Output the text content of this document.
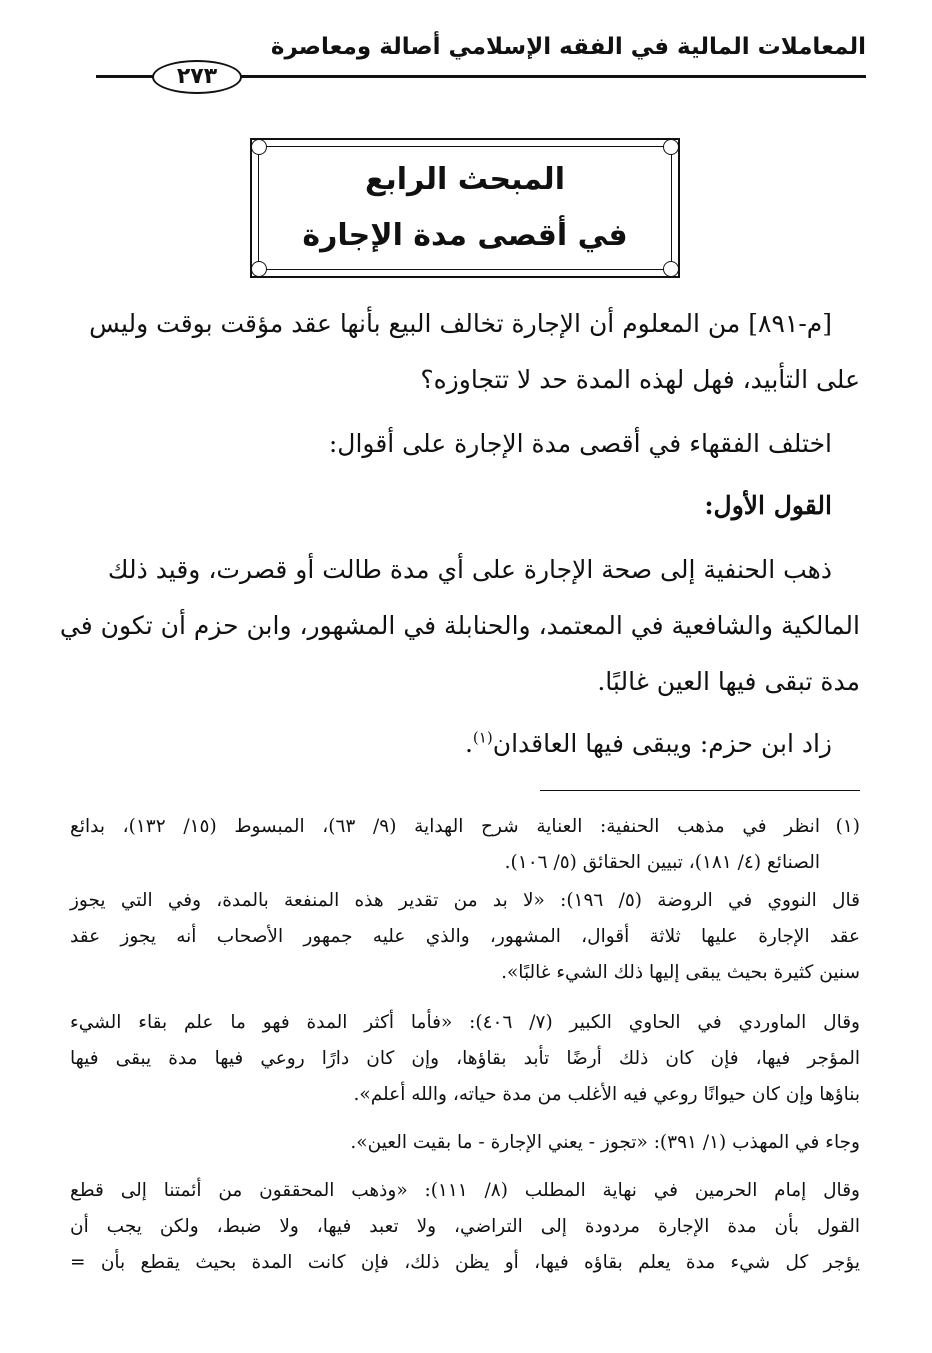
المعاملات المالية في الفقه الإسلامي أصالة ومعاصرة
٢٧٣
المبحث الرابع
في أقصى مدة الإجارة
[م-٨٩١] من المعلوم أن الإجارة تخالف البيع بأنها عقد مؤقت بوقت وليس
على التأبيد، فهل لهذه المدة حد لا تتجاوزه؟
اختلف الفقهاء في أقصى مدة الإجارة على أقوال:
القول الأول:
ذهب الحنفية إلى صحة الإجارة على أي مدة طالت أو قصرت، وقيد ذلك
المالكية والشافعية في المعتمد، والحنابلة في المشهور، وابن حزم أن تكون في
مدة تبقى فيها العين غالبًا.
زاد ابن حزم: ويبقى فيها العاقدان$^{(١)}$.
(١)
انظر في مذهب الحنفية: العناية شرح الهداية (٩/ ٦٣)، المبسوط (١٥/ ١٣٢)، بدائع
الصنائع (٤/ ١٨١)، تبيين الحقائق (٥/ ١٠٦).
قال النووي في الروضة (٥/ ١٩٦): «لا بد من تقدير هذه المنفعة بالمدة، وفي التي يجوز
عقد الإجارة عليها ثلاثة أقوال، المشهور، والذي عليه جمهور الأصحاب أنه يجوز عقد
سنين كثيرة بحيث يبقى إليها ذلك الشيء غالبًا».
وقال الماوردي في الحاوي الكبير (٧/ ٤٠٦): «فأما أكثر المدة فهو ما علم بقاء الشيء
المؤجر فيها، فإن كان ذلك أرضًا تأبد بقاؤها، وإن كان دارًا روعي فيها مدة يبقى فيها
بناؤها وإن كان حيوانًا روعي فيه الأغلب من مدة حياته، والله أعلم».
وجاء في المهذب (١/ ٣٩١): «تجوز - يعني الإجارة - ما بقيت العين».
وقال إمام الحرمين في نهاية المطلب (٨/ ١١١): «وذهب المحققون من أئمتنا إلى قطع
القول بأن مدة الإجارة مردودة إلى التراضي، ولا تعبد فيها، ولا ضبط، ولكن يجب أن
يؤجر كل شيء مدة يعلم بقاؤه فيها، أو يظن ذلك، فإن كانت المدة بحيث يقطع بأن =
